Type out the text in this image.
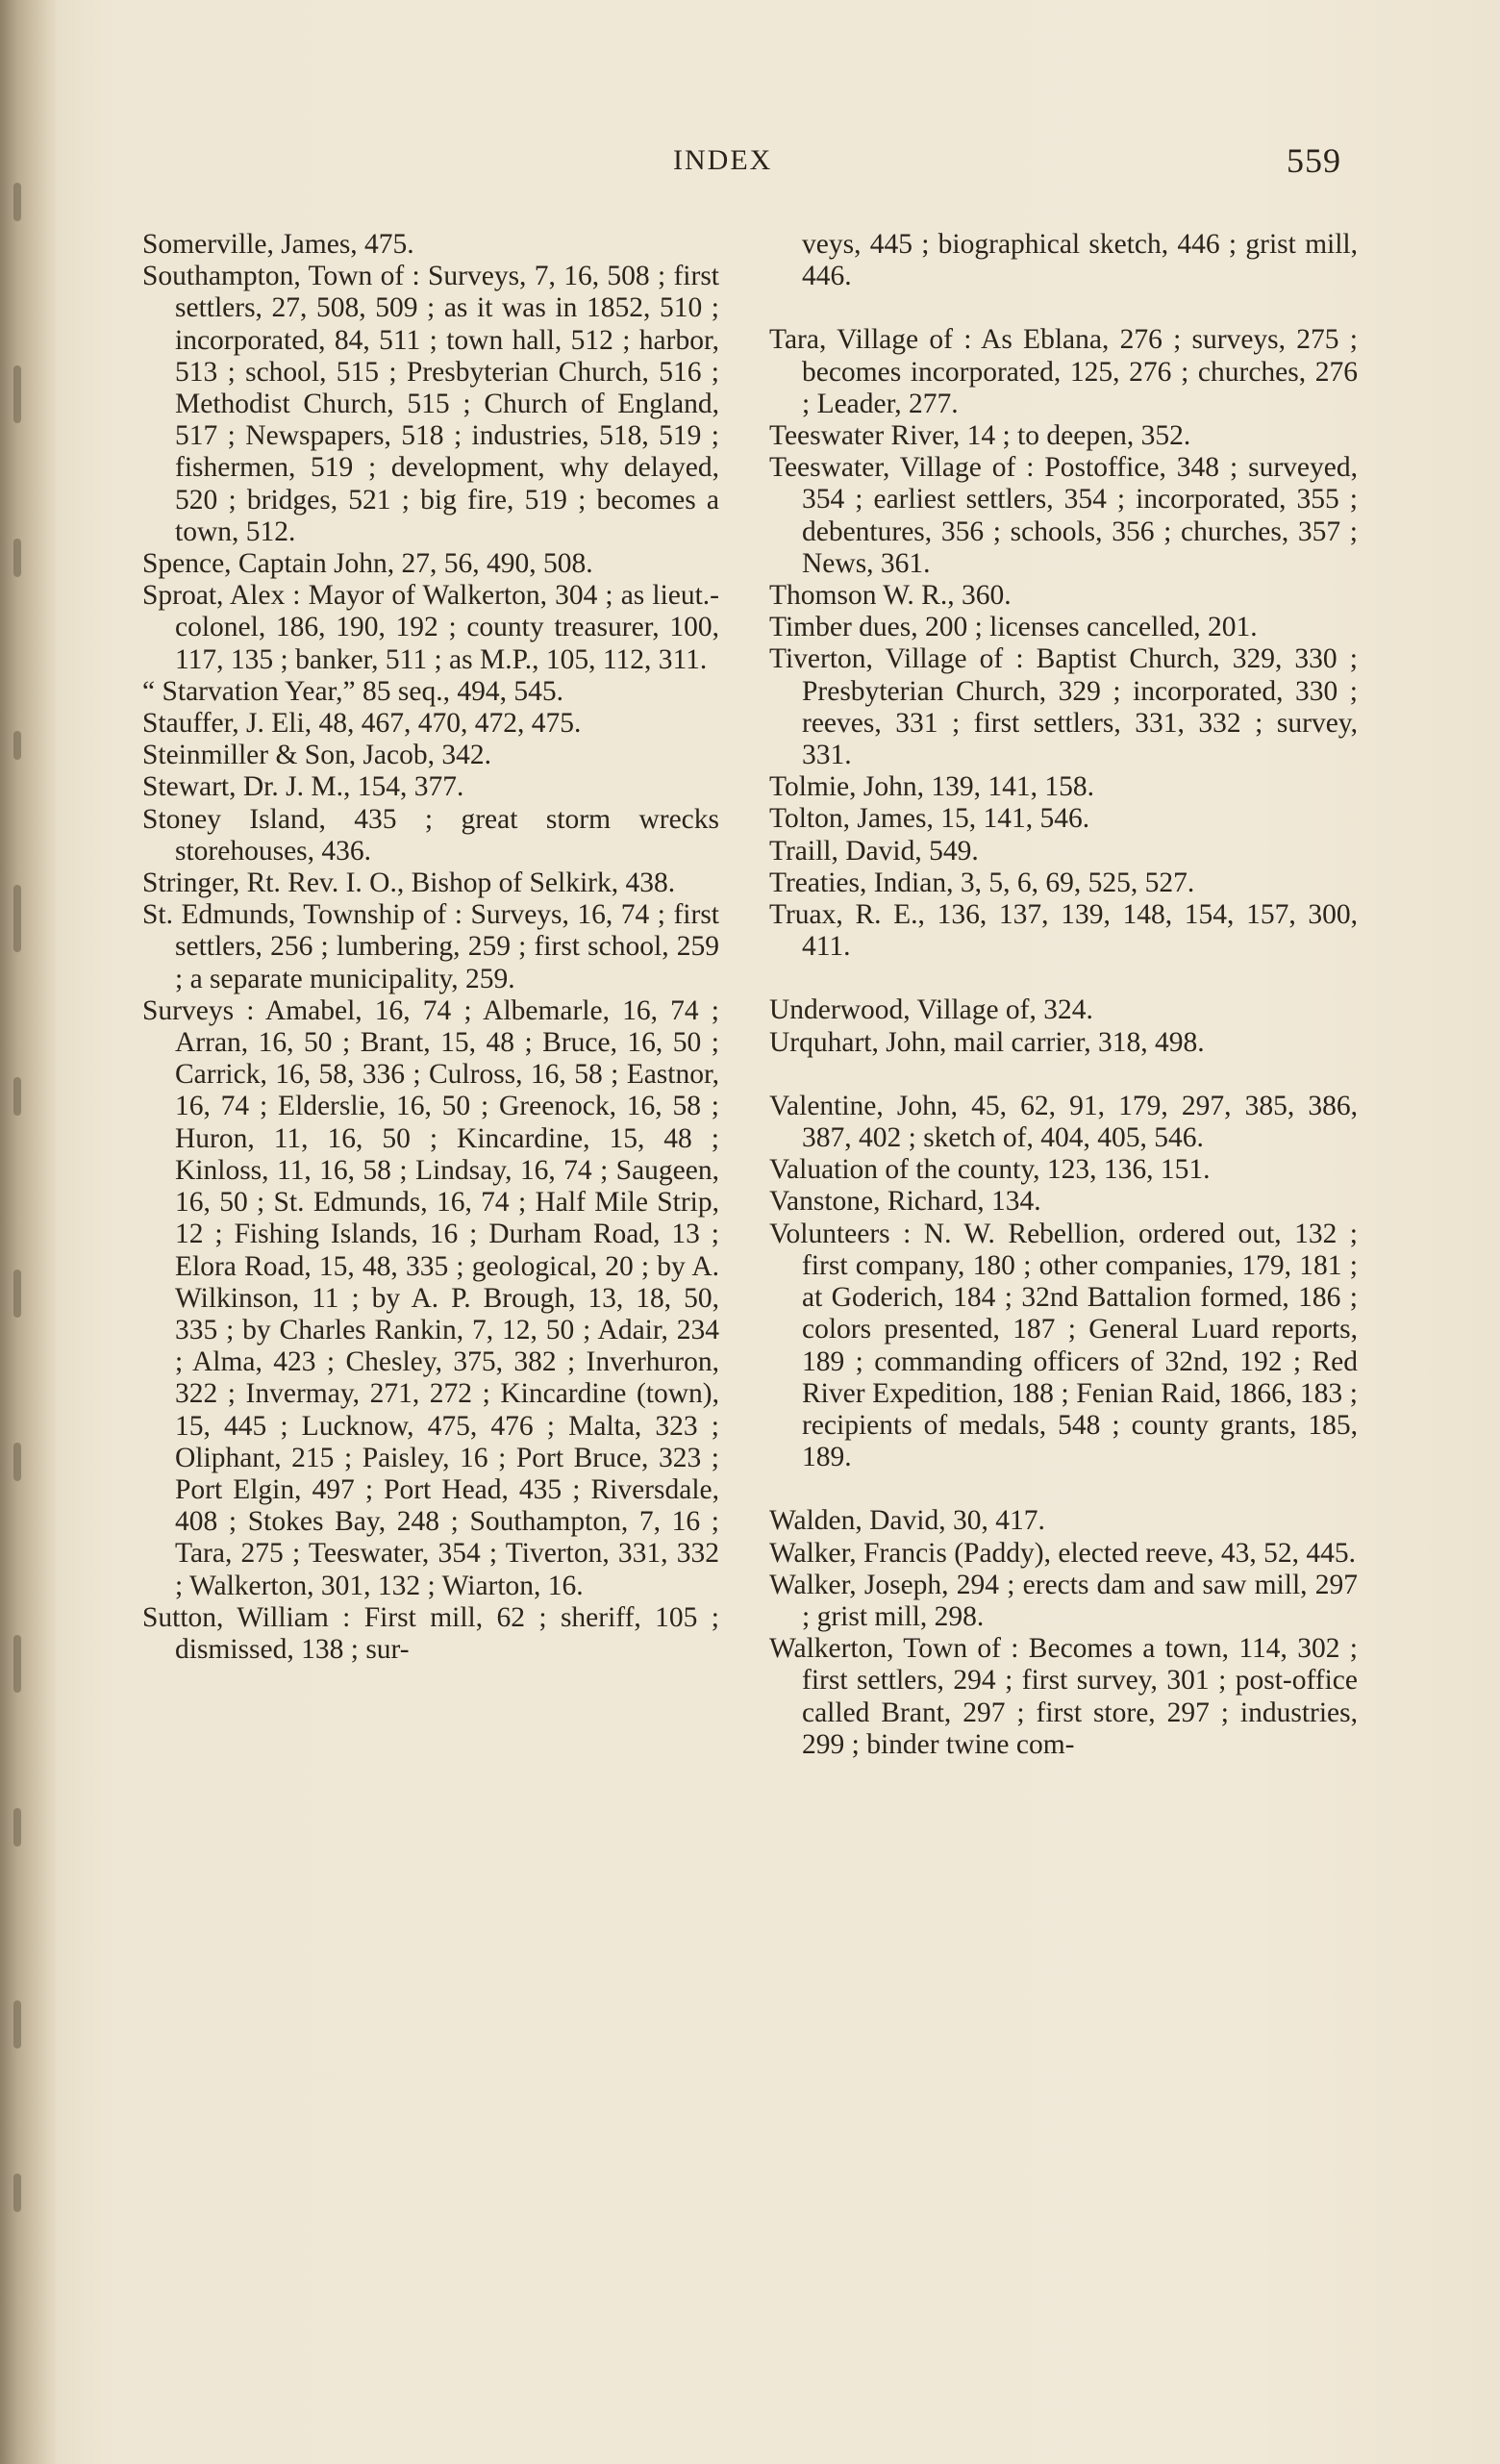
INDEX	559

Somerville, James, 475.

Southampton, Town of : Surveys, 7, 16, 508 ; first settlers, 27, 508, 509 ; as it was in 1852, 510 ; incorporated, 84, 511 ; town hall, 512 ; harbor, 513 ; school, 515 ; Presbyterian Church, 516 ; Methodist Church, 515 ; Church of England, 517 ; Newspapers, 518 ; industries, 518, 519 ; fishermen, 519 ; development, why delayed, 520 ; bridges, 521 ; big fire, 519 ; becomes a town, 512.

Spence, Captain John, 27, 56, 490, 508.

Sproat, Alex : Mayor of Walkerton, 304 ; as lieut.-colonel, 186, 190, 192 ; county treasurer, 100, 117, 135 ; banker, 511 ; as M.P., 105, 112, 311.

“ Starvation Year,” 85 seq., 494, 545.

Stauffer, J. Eli, 48, 467, 470, 472, 475.

Steinmiller & Son, Jacob, 342.

Stewart, Dr. J. M., 154, 377.

Stoney Island, 435 ; great storm wrecks storehouses, 436.

Stringer, Rt. Rev. I. O., Bishop of Selkirk, 438.

St. Edmunds, Township of : Surveys, 16, 74 ; first settlers, 256 ; lumbering, 259 ; first school, 259 ; a separate municipality, 259.

Surveys : Amabel, 16, 74 ; Albemarle, 16, 74 ; Arran, 16, 50 ; Brant, 15, 48 ; Bruce, 16, 50 ; Carrick, 16, 58, 336 ; Culross, 16, 58 ; Eastnor, 16, 74 ; Elderslie, 16, 50 ; Greenock, 16, 58 ; Huron, 11, 16, 50 ; Kincardine, 15, 48 ; Kinloss, 11, 16, 58 ; Lindsay, 16, 74 ; Saugeen, 16, 50 ; St. Edmunds, 16, 74 ; Half Mile Strip, 12 ; Fishing Islands, 16 ; Durham Road, 13 ; Elora Road, 15, 48, 335 ; geological, 20 ; by A. Wilkinson, 11 ; by A. P. Brough, 13, 18, 50, 335 ; by Charles Rankin, 7, 12, 50 ; Adair, 234 ; Alma, 423 ; Chesley, 375, 382 ; Inverhuron, 322 ; Invermay, 271, 272 ; Kincardine (town), 15, 445 ; Lucknow, 475, 476 ; Malta, 323 ; Oliphant, 215 ; Paisley, 16 ; Port Bruce, 323 ; Port Elgin, 497 ; Port Head, 435 ; Riversdale, 408 ; Stokes Bay, 248 ; Southampton, 7, 16 ; Tara, 275 ; Teeswater, 354 ; Tiverton, 331, 332 ; Walkerton, 301, 132 ; Wiarton, 16.

Sutton, William : First mill, 62 ; sheriff, 105 ; dismissed, 138 ; sur-

veys, 445 ; biographical sketch, 446 ; grist mill, 446.

Tara, Village of : As Eblana, 276 ; surveys, 275 ; becomes incorporated, 125, 276 ; churches, 276 ; Leader, 277.

Teeswater River, 14 ; to deepen, 352.

Teeswater, Village of : Postoffice, 348 ; surveyed, 354 ; earliest settlers, 354 ; incorporated, 355 ; debentures, 356 ; schools, 356 ; churches, 357 ; News, 361.

Thomson W. R., 360.

Timber dues, 200 ; licenses cancelled, 201.

Tiverton, Village of : Baptist Church, 329, 330 ; Presbyterian Church, 329 ; incorporated, 330 ; reeves, 331 ; first settlers, 331, 332 ; survey, 331.

Tolmie, John, 139, 141, 158.

Tolton, James, 15, 141, 546.

Traill, David, 549.

Treaties, Indian, 3, 5, 6, 69, 525, 527.

Truax, R. E., 136, 137, 139, 148, 154, 157, 300, 411.

Underwood, Village of, 324.

Urquhart, John, mail carrier, 318, 498.

Valentine, John, 45, 62, 91, 179, 297, 385, 386, 387, 402 ; sketch of, 404, 405, 546.

Valuation of the county, 123, 136, 151.

Vanstone, Richard, 134.

Volunteers : N. W. Rebellion, ordered out, 132 ; first company, 180 ; other companies, 179, 181 ; at Goderich, 184 ; 32nd Battalion formed, 186 ; colors presented, 187 ; General Luard reports, 189 ; commanding officers of 32nd, 192 ; Red River Expedition, 188 ; Fenian Raid, 1866, 183 ; recipients of medals, 548 ; county grants, 185, 189.

Walden, David, 30, 417.

Walker, Francis (Paddy), elected reeve, 43, 52, 445.

Walker, Joseph, 294 ; erects dam and saw mill, 297 ; grist mill, 298.

Walkerton, Town of : Becomes a town, 114, 302 ; first settlers, 294 ; first survey, 301 ; post-office called Brant, 297 ; first store, 297 ; industries, 299 ; binder twine com-
